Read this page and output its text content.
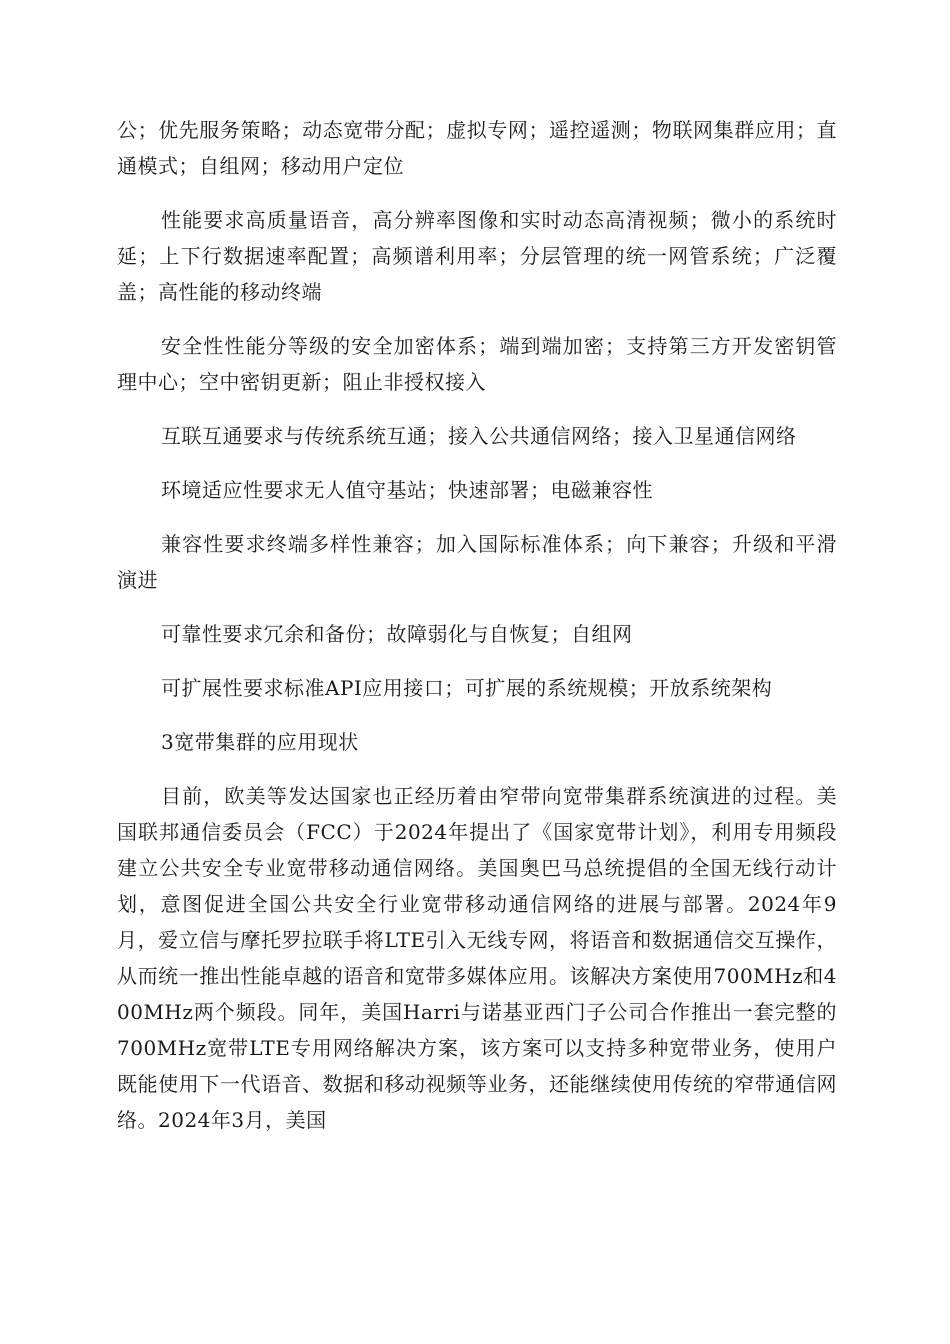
公；优先服务策略；动态宽带分配；虚拟专网；遥控遥测；物联网集群应用；直通模式；自组网；移动用户定位

性能要求高质量语音，高分辨率图像和实时动态高清视频；微小的系统时延；上下行数据速率配置；高频谱利用率；分层管理的统一网管系统；广泛覆盖；高性能的移动终端

安全性性能分等级的安全加密体系；端到端加密；支持第三方开发密钥管理中心；空中密钥更新；阻止非授权接入

互联互通要求与传统系统互通；接入公共通信网络；接入卫星通信网络

环境适应性要求无人值守基站；快速部署；电磁兼容性

兼容性要求终端多样性兼容；加入国际标准体系；向下兼容；升级和平滑演进

可靠性要求冗余和备份；故障弱化与自恢复；自组网

可扩展性要求标准API应用接口；可扩展的系统规模；开放系统架构

3宽带集群的应用现状

目前，欧美等发达国家也正经历着由窄带向宽带集群系统演进的过程。美国联邦通信委员会（FCC）于2024年提出了《国家宽带计划》，利用专用频段建立公共安全专业宽带移动通信网络。美国奥巴马总统提倡的全国无线行动计划，意图促进全国公共安全行业宽带移动通信网络的进展与部署。2024年9月，爱立信与摩托罗拉联手将LTE引入无线专网，将语音和数据通信交互操作，从而统一推出性能卓越的语音和宽带多媒体应用。该解决方案使用700MHz和400MHz两个频段。同年，美国Harri与诺基亚西门子公司合作推出一套完整的700MHz宽带LTE专用网络解决方案，该方案可以支持多种宽带业务，使用户既能使用下一代语音、数据和移动视频等业务，还能继续使用传统的窄带通信网络。2024年3月，美国
